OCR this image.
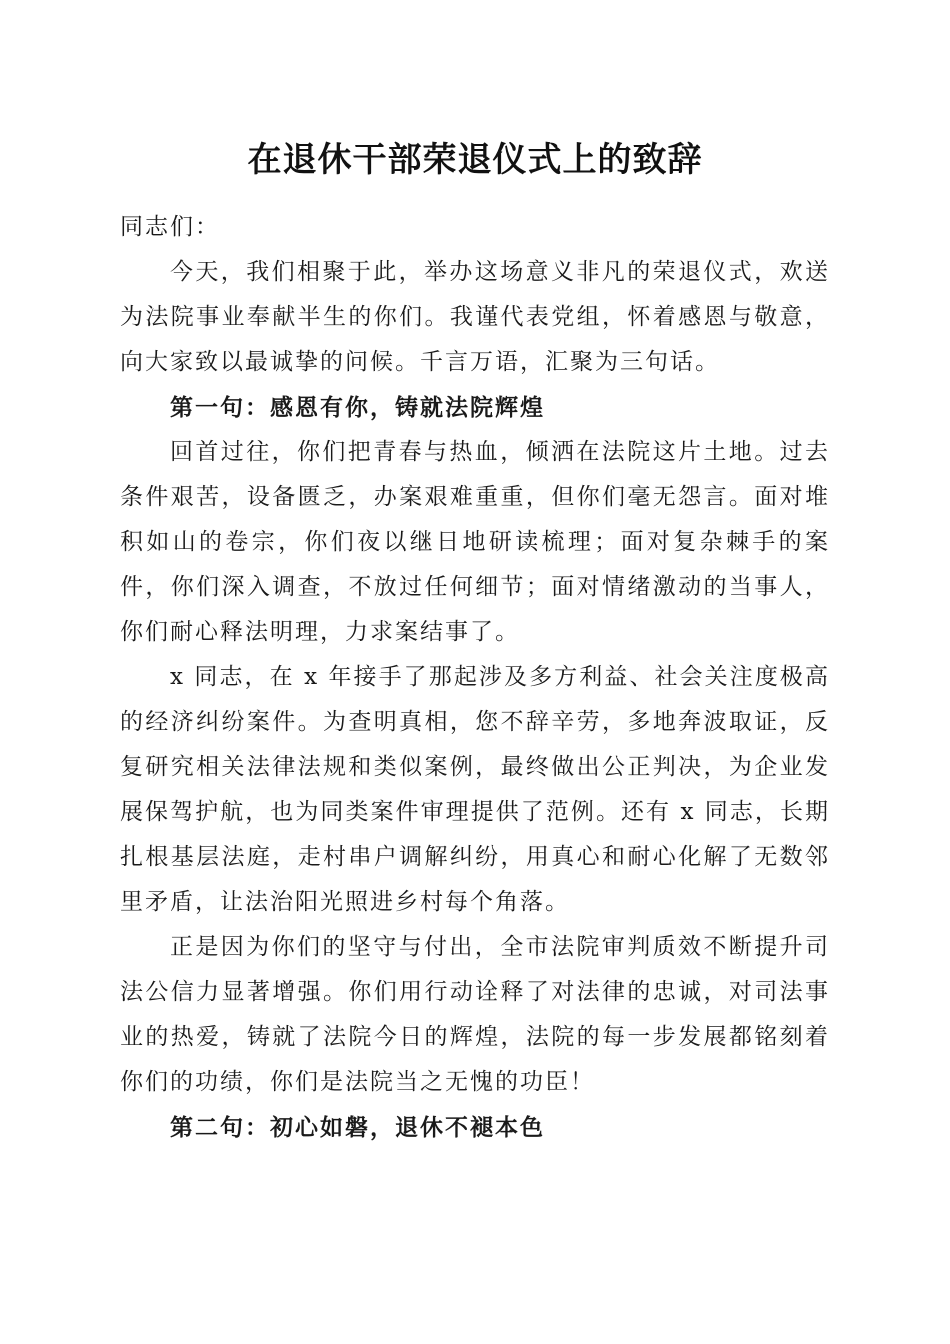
在退休干部荣退仪式上的致辞

同志们：

今天，我们相聚于此，举办这场意义非凡的荣退仪式，欢送为法院事业奉献半生的你们。我谨代表党组，怀着感恩与敬意，向大家致以最诚挚的问候。千言万语，汇聚为三句话。

第一句：感恩有你，铸就法院辉煌

回首过往，你们把青春与热血，倾洒在法院这片土地。过去条件艰苦，设备匮乏，办案艰难重重，但你们毫无怨言。面对堆积如山的卷宗，你们夜以继日地研读梳理；面对复杂棘手的案件，你们深入调查，不放过任何细节；面对情绪激动的当事人，你们耐心释法明理，力求案结事了。

x 同志，在 x 年接手了那起涉及多方利益、社会关注度极高的经济纠纷案件。为查明真相，您不辞辛劳，多地奔波取证，反复研究相关法律法规和类似案例，最终做出公正判决，为企业发展保驾护航，也为同类案件审理提供了范例。还有 x 同志，长期扎根基层法庭，走村串户调解纠纷，用真心和耐心化解了无数邻里矛盾，让法治阳光照进乡村每个角落。

正是因为你们的坚守与付出，全市法院审判质效不断提升司法公信力显著增强。你们用行动诠释了对法律的忠诚，对司法事业的热爱，铸就了法院今日的辉煌，法院的每一步发展都铭刻着你们的功绩，你们是法院当之无愧的功臣！

第二句：初心如磐，退休不褪本色
